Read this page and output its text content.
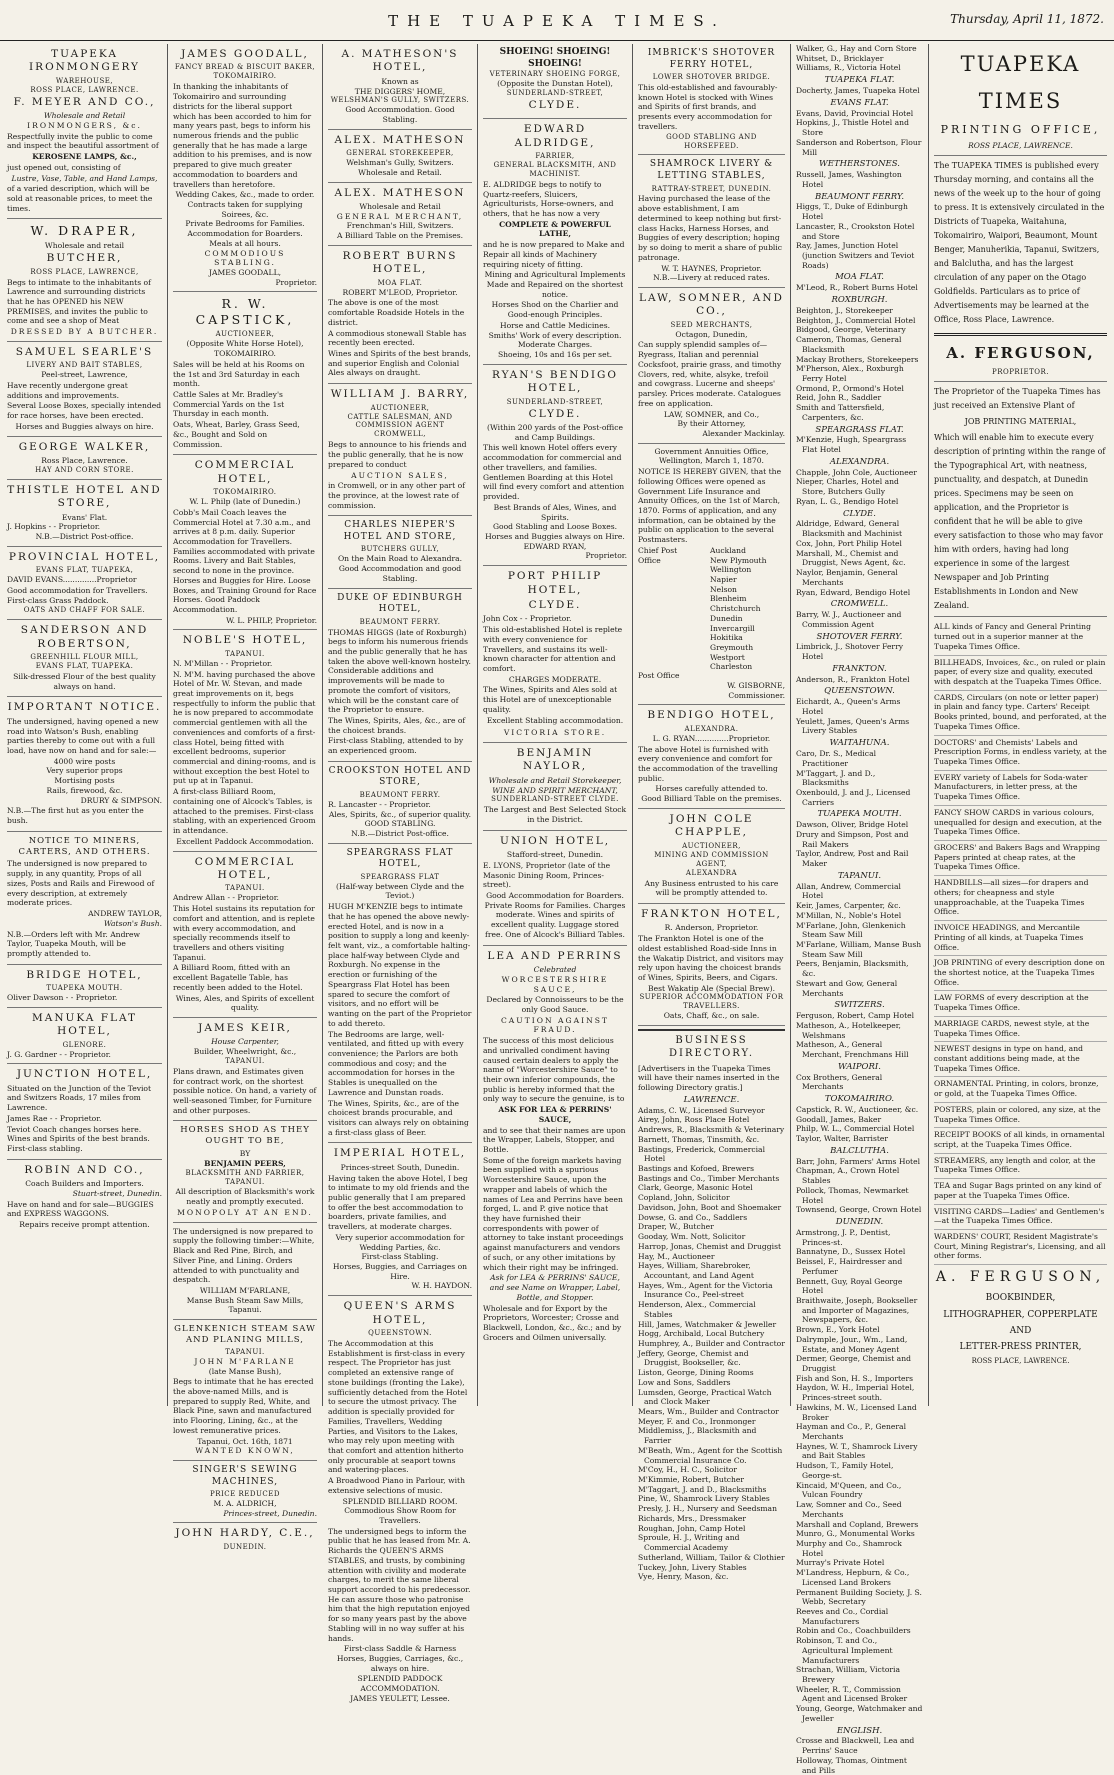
THE TUAPEKA TIMES.	Thursday, April 11, 1872.
TUAPEKA IRONMONGERY
WAREHOUSE,
ROSS PLACE, LAWRENCE.
F. MEYER AND CO.,
Wholesale and Retail
IRONMONGERS, &c.

Respectfully invite the public to come and inspect the beautiful assortment of

KEROSENE LAMPS, &c.,

just opened out, consisting of

Lustre, Vase, Table, and Hand Lamps,

of a varied description, which will be sold at reasonable prices, to meet the times.

W. DRAPER,
Wholesale and retail
BUTCHER,
ROSS PLACE, LAWRENCE,

Begs to intimate to the inhabitants of Lawrence and surrounding districts that he has OPENED his NEW PREMISES, and invites the public to come and see a shop of Meat

DRESSED BY A BUTCHER.
SAMUEL SEARLE'S
LIVERY AND BAIT STABLES,
Peel-street, Lawrence,

Have recently undergone great additions and improvements.

Several Loose Boxes, specially intended for race horses, have been erected.

Horses and Buggies always on hire.
GEORGE WALKER,
Ross Place, Lawrence.
HAY AND CORN STORE.
THISTLE HOTEL AND STORE,
Evans' Flat.
J. Hopkins - - Proprietor.
N.B.—District Post-office.
PROVINCIAL HOTEL,
EVANS FLAT, TUAPEKA,
DAVID EVANS..............Proprietor

Good accommodation for Travellers. First-class Grass Paddock.

OATS AND CHAFF FOR SALE.
SANDERSON AND ROBERTSON,
GREENHILL FLOUR MILL,
EVANS FLAT, TUAPEKA.

Silk-dressed Flour of the best quality always on hand.

IMPORTANT NOTICE.

The undersigned, having opened a new road into Watson's Bush, enabling parties thereby to come out with a full load, have now on hand and for sale:—

4000 wire posts
Very superior props
Mortising posts
Rails, firewood, &c.
DRURY & SIMPSON.

N.B.—The first hut as you enter the bush.

NOTICE TO MINERS, CARTERS, AND OTHERS.

The undersigned is now prepared to supply, in any quantity, Props of all sizes, Posts and Rails and Firewood of every description, at extremely moderate prices.

ANDREW TAYLOR,
Watson's Bush.

N.B.—Orders left with Mr. Andrew Taylor, Tuapeka Mouth, will be promptly attended to.

BRIDGE HOTEL,
TUAPEKA MOUTH.
Oliver Dawson - - Proprietor.
MANUKA FLAT HOTEL,
GLENORE.
J. G. Gardner - - Proprietor.
JUNCTION HOTEL,

Situated on the Junction of the Teviot and Switzers Roads, 17 miles from Lawrence.

James Rae - - Proprietor.

Teviot Coach changes horses here. Wines and Spirits of the best brands. First-class stabling.

ROBIN AND CO.,
Coach Builders and Importers.
Stuart-street, Dunedin.

Have on hand and for sale—BUGGIES and EXPRESS WAGGONS.

Repairs receive prompt attention.
JAMES GOODALL,
FANCY BREAD & BISCUIT BAKER,
TOKOMAIRIRO.

In thanking the inhabitants of Tokomairiro and surrounding districts for the liberal support which has been accorded to him for many years past, begs to inform his numerous friends and the public generally that he has made a large addition to his premises, and is now prepared to give much greater accommodation to boarders and travellers than heretofore.

Wedding Cakes, &c., made to order.
Contracts taken for supplying Soirees, &c.
Private Bedrooms for Families.
Accommodation for Boarders.
Meals at all hours.
COMMODIOUS STABLING.
JAMES GOODALL,
Proprietor.
R. W. CAPSTICK,
AUCTIONEER,
(Opposite White Horse Hotel), TOKOMAIRIRO.

Sales will be held at his Rooms on the 1st and 3rd Saturday in each month.

Cattle Sales at Mr. Bradley's Commercial Yards on the 1st Thursday in each month.

Oats, Wheat, Barley, Grass Seed, &c., Bought and Sold on Commission.

COMMERCIAL HOTEL,
TOKOMAIRIRO.
W. L. Philp (late of Dunedin.)

Cobb's Mail Coach leaves the Commercial Hotel at 7.30 a.m., and arrives at 8 p.m. daily. Superior Accommodation for Travellers. Families accommodated with private Rooms. Livery and Bait Stables, second to none in the province. Horses and Buggies for Hire. Loose Boxes, and Training Ground for Race Horses. Good Paddock Accommodation.

W. L. PHILP, Proprietor.
NOBLE'S HOTEL,
TAPANUI.
N. M'Millan - - Proprietor.

N. M'M. having purchased the above Hotel of Mr. W. Stevan, and made great improvements on it, begs respectfully to inform the public that he is now prepared to accommodate commercial gentlemen with all the conveniences and comforts of a first-class Hotel, being fitted with excellent bedrooms, superior commercial and dining-rooms, and is without exception the best Hotel to put up at in Tapanui.

A first-class Billiard Room, containing one of Alcock's Tables, is attached to the premises. First-class stabling, with an experienced Groom in attendance.

Excellent Paddock Accommodation.
COMMERCIAL HOTEL,
TAPANUI.
Andrew Allan - - Proprietor.

This Hotel sustains its reputation for comfort and attention, and is replete with every accommodation, and specially recommends itself to travellers and others visiting Tapanui.

A Billiard Room, fitted with an excellent Bagatelle Table, has recently been added to the Hotel.

Wines, Ales, and Spirits of excellent quality.
JAMES KEIR,
House Carpenter,
Builder, Wheelwright, &c.,
TAPANUI.

Plans drawn, and Estimates given for contract work, on the shortest possible notice. On hand, a variety of well-seasoned Timber, for Furniture and other purposes.

HORSES SHOD AS THEY OUGHT TO BE,
BY
BENJAMIN PEERS,
BLACKSMITH AND FARRIER,
TAPANUI.

All description of Blacksmith's work neatly and promptly executed.

MONOPOLY AT AN END.

The undersigned is now prepared to supply the following timber:—White, Black and Red Pine, Birch, and Silver Pine, and Lining. Orders attended to with punctuality and despatch.

WILLIAM M'FARLANE,
Manse Bush Steam Saw Mills, Tapanui.
GLENKENICH STEAM SAW AND PLANING MILLS,
TAPANUI.
JOHN M'FARLANE
(late Manse Bush),

Begs to intimate that he has erected the above-named Mills, and is prepared to supply Red, White, and Black Pine, sawn and manufactured into Flooring, Lining, &c., at the lowest remunerative prices.

Tapanui, Oct. 16th, 1871
WANTED KNOWN,
SINGER'S SEWING MACHINES,
PRICE REDUCED
M. A. ALDRICH,
Princes-street, Dunedin.
JOHN HARDY, C.E.,
DUNEDIN.
A. MATHESON'S HOTEL,
Known as
THE DIGGERS' HOME,
WELSHMAN'S GULLY, SWITZERS.
Good Accommodation. Good Stabling.
ALEX. MATHESON
GENERAL STOREKEEPER,
Welshman's Gully, Switzers.
Wholesale and Retail.
ALEX. MATHESON
Wholesale and Retail
GENERAL MERCHANT,
Frenchman's Hill, Switzers.
A Billiard Table on the Premises.
ROBERT BURNS HOTEL,
MOA FLAT.
ROBERT M'LEOD, Proprietor.

The above is one of the most comfortable Roadside Hotels in the district.

A commodious stonewall Stable has recently been erected.

Wines and Spirits of the best brands, and superior English and Colonial Ales always on draught.

WILLIAM J. BARRY,
AUCTIONEER,
CATTLE SALESMAN, AND COMMISSION AGENT
CROMWELL,

Begs to announce to his friends and the public generally, that he is now prepared to conduct

AUCTION SALES,

in Cromwell, or in any other part of the province, at the lowest rate of commission.

CHARLES NIEPER'S HOTEL AND STORE,
BUTCHERS GULLY,
On the Main Road to Alexandra.
Good Accommodation and good Stabling.
DUKE OF EDINBURGH HOTEL,
BEAUMONT FERRY.

THOMAS HIGGS (late of Roxburgh) begs to inform his numerous friends and the public generally that he has taken the above well-known hostelry. Considerable additions and improvements will be made to promote the comfort of visitors, which will be the constant care of the Proprietor to ensure.

The Wines, Spirits, Ales, &c., are of the choicest brands.

First-class Stabling, attended to by an experienced groom.

CROOKSTON HOTEL AND STORE,
BEAUMONT FERRY.
R. Lancaster - - Proprietor.
Ales, Spirits, &c., of superior quality.
GOOD STABLING.
N.B.—District Post-office.
SPEARGRASS FLAT HOTEL,
SPEARGRASS FLAT
(Half-way between Clyde and the Teviot.)

HUGH M'KENZIE begs to intimate that he has opened the above newly-erected Hotel, and is now in a position to supply a long and keenly-felt want, viz., a comfortable halting-place half-way between Clyde and Roxburgh. No expense in the erection or furnishing of the Speargrass Flat Hotel has been spared to secure the comfort of visitors, and no effort will be wanting on the part of the Proprietor to add thereto.

The Bedrooms are large, well-ventilated, and fitted up with every convenience; the Parlors are both commodious and cosy; and the accommodation for horses in the Stables is unequalled on the Lawrence and Dunstan roads.

The Wines, Spirits, &c., are of the choicest brands procurable, and visitors can always rely on obtaining a first-class glass of Beer.

IMPERIAL HOTEL,
Princes-street South, Dunedin.

Having taken the above Hotel, I beg to intimate to my old friends and the public generally that I am prepared to offer the best accommodation to boarders, private families, and travellers, at moderate charges.

Very superior accommodation for Wedding Parties, &c.
First-class Stabling.
Horses, Buggies, and Carriages on Hire.
W. H. HAYDON.
QUEEN'S ARMS HOTEL,
QUEENSTOWN.

The Accommodation at this Establishment is first-class in every respect. The Proprietor has just completed an extensive range of stone buildings (fronting the Lake), sufficiently detached from the Hotel to secure the utmost privacy. The addition is specially provided for Families, Travellers, Wedding Parties, and Visitors to the Lakes, who may rely upon meeting with that comfort and attention hitherto only procurable at seaport towns and watering-places.

A Broadwood Piano in Parlour, with extensive selections of music.

SPLENDID BILLIARD ROOM.
Commodious Show Room for Travellers.

The undersigned begs to inform the public that he has leased from Mr. A. Richards the QUEEN'S ARMS STABLES, and trusts, by combining attention with civility and moderate charges, to merit the same liberal support accorded to his predecessor. He can assure those who patronise him that the high reputation enjoyed for so many years past by the above Stabling will in no way suffer at his hands.

First-class Saddle & Harness Horses, Buggies, Carriages, &c., always on hire.

SPLENDID PADDOCK ACCOMMODATION.
JAMES YEULETT, Lessee.
SHOEING! SHOEING! SHOEING!
VETERINARY SHOEING FORGE,
(Opposite the Dunstan Hotel),
SUNDERLAND-STREET,
CLYDE.
EDWARD ALDRIDGE,
FARRIER,
GENERAL BLACKSMITH, AND MACHINIST.

E. ALDRIDGE begs to notify to Quartz-reefers, Sluicers, Agriculturists, Horse-owners, and others, that he has now a very

COMPLETE & POWERFUL LATHE,

and he is now prepared to Make and Repair all kinds of Machinery requiring nicety of fitting.

Mining and Agricultural Implements Made and Repaired on the shortest notice.

Horses Shod on the Charlier and Good-enough Principles.

Horse and Cattle Medicines.
Smiths' Work of every description.
Moderate Charges.
Shoeing, 10s and 16s per set.
RYAN'S BENDIGO HOTEL,
SUNDERLAND-STREET,
CLYDE.

(Within 200 yards of the Post-office and Camp Buildings.

This well known Hotel offers every accommodation for commercial and other travellers, and families. Gentlemen Boarding at this Hotel will find every comfort and attention provided.

Best Brands of Ales, Wines, and Spirits.
Good Stabling and Loose Boxes.
Horses and Buggies always on Hire.
EDWARD RYAN,
Proprietor.
PORT PHILIP HOTEL,
CLYDE.
John Cox - - Proprietor.

This old-established Hotel is replete with every convenience for Travellers, and sustains its well-known character for attention and comfort.

CHARGES MODERATE.

The Wines, Spirits and Ales sold at this Hotel are of unexceptionable quality.

Excellent Stabling accommodation.
VICTORIA STORE.
BENJAMIN NAYLOR,
Wholesale and Retail Storekeeper,
WINE AND SPIRIT MERCHANT,
SUNDERLAND-STREET CLYDE.

The Largest and Best Selected Stock in the District.

UNION HOTEL,
Stafford-street, Dunedin.

E. LYONS, Proprietor (late of the Masonic Dining Room, Princes-street).

Good Accommodation for Boarders. Private Rooms for Families. Charges moderate. Wines and spirits of excellent quality. Luggage stored free. One of Alcock's Billiard Tables.

LEA AND PERRINS
Celebrated
WORCESTERSHIRE SAUCE,

Declared by Connoisseurs to be the only Good Sauce.

CAUTION AGAINST FRAUD.

The success of this most delicious and unrivalled condiment having caused certain dealers to apply the name of "Worcestershire Sauce" to their own inferior compounds, the public is hereby informed that the only way to secure the genuine, is to

ASK FOR LEA & PERRINS' SAUCE,

and to see that their names are upon the Wrapper, Labels, Stopper, and Bottle.

Some of the foreign markets having been supplied with a spurious Worcestershire Sauce, upon the wrapper and labels of which the names of Lea and Perrins have been forged, L. and P. give notice that they have furnished their correspondents with power of attorney to take instant proceedings against manufacturers and vendors of such, or any other imitations by which their right may be infringed.

Ask for LEA & PERRINS' SAUCE, and see Name on Wrapper, Label, Bottle, and Stopper.

Wholesale and for Export by the Proprietors, Worcester; Crosse and Blackwell, London, &c., &c.; and by Grocers and Oilmen universally.

IMBRICK'S SHOTOVER FERRY HOTEL,
LOWER SHOTOVER BRIDGE.

This old-established and favourably-known Hotel is stocked with Wines and Spirits of first brands, and presents every accommodation for travellers.

GOOD STABLING AND HORSEFEED.
SHAMROCK LIVERY & LETTING STABLES,
RATTRAY-STREET, DUNEDIN.

Having purchased the lease of the above establishment, I am determined to keep nothing but first-class Hacks, Harness Horses, and Buggies of every description; hoping by so doing to merit a share of public patronage.

W. T. HAYNES, Proprietor.
N.B.—Livery at reduced rates.
LAW, SOMNER, AND CO.,
SEED MERCHANTS,
Octagon, Dunedin,

Can supply splendid samples of—Ryegrass, Italian and perennial Cocksfoot, prairie grass, and timothy Clovers, red, white, alsyke, trefoil and cowgrass. Lucerne and sheeps' parsley. Prices moderate. Catalogues free on application.

LAW, SOMNER, and Co.,
By their Attorney,
Alexander Mackinlay.
Government Annuities Office, Wellington, March 1, 1870.

NOTICE IS HEREBY GIVEN, that the following Offices were opened as Government Life Insurance and Annuity Offices, on the 1st of March, 1870. Forms of application, and any information, can be obtained by the public on application to the several Postmasters.

Chief Post Office
Post Office
Auckland
New Plymouth
Wellington
Napier
Nelson
Blenheim
Christchurch
Dunedin
Invercargill
Hokitika
Greymouth
Westport
Charleston
W. GISBORNE,
Commissioner.
BENDIGO HOTEL,
ALEXANDRA.
L. G. RYAN..............Proprietor.

The above Hotel is furnished with every convenience and comfort for the accommodation of the travelling public.

Horses carefully attended to.
Good Billiard Table on the premises.
JOHN COLE CHAPPLE,
AUCTIONEER,
MINING AND COMMISSION AGENT,
ALEXANDRA

Any Business entrusted to his care will be promptly attended to.

FRANKTON HOTEL,
R. Anderson, Proprietor.

The Frankton Hotel is one of the oldest established Road-side Inns in the Wakatip District, and visitors may rely upon having the choicest brands of Wines, Spirits, Beers, and Cigars.

Best Wakatip Ale (Special Brew).
SUPERIOR ACCOMMODATION FOR TRAVELLERS.
Oats, Chaff, &c., on sale.
BUSINESS DIRECTORY.

[Advertisers in the Tuapeka Times will have their names inserted in the following Directory gratis.]

LAWRENCE.
Adams, C. W., Licensed Surveyor
Airey, John, Ross Place Hotel
Andrews, R., Blacksmith & Veterinary
Barnett, Thomas, Tinsmith, &c.
Bastings, Frederick, Commercial Hotel
Bastings and Kofoed, Brewers
Bastings and Co., Timber Merchants
Clark, George, Masonic Hotel
Copland, John, Solicitor
Davidson, John, Boot and Shoemaker
Dowse, G. and Co., Saddlers
Draper, W., Butcher
Gooday, Wm. Nott, Solicitor
Harrop, Jonas, Chemist and Druggist
Hay, M., Auctioneer
Hayes, William, Sharebroker, Accountant, and Land Agent
Hayes, Wm., Agent for the Victoria Insurance Co., Peel-street
Henderson, Alex., Commercial Stables
Hill, James, Watchmaker & Jeweller
Hogg, Archibald, Local Butchery
Humphrey, A., Builder and Contractor
Jeffery, George, Chemist and Druggist, Bookseller, &c.
Liston, George, Dining Rooms
Low and Sons, Saddlers
Lumsden, George, Practical Watch and Clock Maker
Mears, Wm., Builder and Contractor
Meyer, F. and Co., Ironmonger
Middlemiss, J., Blacksmith and Farrier
M'Beath, Wm., Agent for the Scottish Commercial Insurance Co.
M'Coy, H., H. C., Solicitor
M'Kimmie, Robert, Butcher
M'Taggart, J. and D., Blacksmiths
Pine, W., Shamrock Livery Stables
Presly, J. H., Nursery and Seedsman
Richards, Mrs., Dressmaker
Roughan, John, Camp Hotel
Sproule, H. J., Writing and Commercial Academy
Sutherland, William, Tailor & Clothier
Tuckey, John, Livery Stables
Vye, Henry, Mason, &c.
Walker, G., Hay and Corn Store
Whitset, D., Bricklayer
Williams, R., Victoria Hotel
TUAPEKA FLAT.
Docherty, James, Tuapeka Hotel
EVANS FLAT.
Evans, David, Provincial Hotel
Hopkins, J., Thistle Hotel and Store
Sanderson and Robertson, Flour Mill
WETHERSTONES.
Russell, James, Washington Hotel
BEAUMONT FERRY.
Higgs, T., Duke of Edinburgh Hotel
Lancaster, R., Crookston Hotel and Store
Ray, James, Junction Hotel (junction Switzers and Teviot Roads)
MOA FLAT.
M'Leod, R., Robert Burns Hotel
ROXBURGH.
Beighton, J., Storekeeper
Beighton, J., Commercial Hotel
Bidgood, George, Veterinary
Cameron, Thomas, General Blacksmith
Mackay Brothers, Storekeepers
M'Pherson, Alex., Roxburgh Ferry Hotel
Ormond, P., Ormond's Hotel
Reid, John R., Saddler
Smith and Tattersfield, Carpenters, &c.
SPEARGRASS FLAT.
M'Kenzie, Hugh, Speargrass Flat Hotel
ALEXANDRA.
Chapple, John Cole, Auctioneer
Nieper, Charles, Hotel and Store, Butchers Gully
Ryan, L. G., Bendigo Hotel
CLYDE.
Aldridge, Edward, General Blacksmith and Machinist
Cox, John, Port Philip Hotel
Marshall, M., Chemist and Druggist, News Agent, &c.
Naylor, Benjamin, General Merchants
Ryan, Edward, Bendigo Hotel
CROMWELL.
Barry, W. J., Auctioneer and Commission Agent
SHOTOVER FERRY.
Limbrick, J., Shotover Ferry Hotel
FRANKTON.
Anderson, R., Frankton Hotel
QUEENSTOWN.
Eichardt, A., Queen's Arms Hotel
Yeulett, James, Queen's Arms Livery Stables
WAITAHUNA.
Caro, Dr. S., Medical Practitioner
M'Taggart, J. and D., Blacksmiths
Oxenbould, J. and J., Licensed Carriers
TUAPEKA MOUTH.
Dawson, Oliver, Bridge Hotel
Drury and Simpson, Post and Rail Makers
Taylor, Andrew, Post and Rail Maker
TAPANUI.
Allan, Andrew, Commercial Hotel
Keir, James, Carpenter, &c.
M'Millan, N., Noble's Hotel
M'Farlane, John, Glenkenich Steam Saw Mill
M'Farlane, William, Manse Bush Steam Saw Mill
Peers, Benjamin, Blacksmith, &c.
Stewart and Gow, General Merchants
SWITZERS.
Ferguson, Robert, Camp Hotel
Matheson, A., Hotelkeeper, Welshmans
Matheson, A., General Merchant, Frenchmans Hill
WAIPORI.
Cox Brothers, General Merchants
TOKOMAIRIRO.
Capstick, R. W., Auctioneer, &c.
Goodall, James, Baker
Philp, W. L., Commercial Hotel
Taylor, Walter, Barrister
BALCLUTHA.
Barr, John, Farmers' Arms Hotel
Chapman, A., Crown Hotel Stables
Pollock, Thomas, Newmarket Hotel
Townsend, George, Crown Hotel
DUNEDIN.
Armstrong, J. P., Dentist, Princes-st.
Bannatyne, D., Sussex Hotel
Beissel, F., Hairdresser and Perfumer
Bennett, Guy, Royal George Hotel
Braithwaite, Joseph, Bookseller and Importer of Magazines, Newspapers, &c.
Brown, E., York Hotel
Dalrymple, Jour., Wm., Land, Estate, and Money Agent
Dermer, George, Chemist and Druggist
Fish and Son, H. S., Importers
Haydon, W. H., Imperial Hotel, Princes-street south.
Hawkins, M. W., Licensed Land Broker
Hayman and Co., P., General Merchants
Haynes, W. T., Shamrock Livery and Bait Stables
Hudson, T., Family Hotel, George-st.
Kincaid, M'Queen, and Co., Vulcan Foundry
Law, Somner and Co., Seed Merchants
Marshall and Copland, Brewers
Munro, G., Monumental Works
Murphy and Co., Shamrock Hotel
Murray's Private Hotel
M'Landress, Hepburn, & Co., Licensed Land Brokers
Permanent Building Society, J. S. Webb, Secretary
Reeves and Co., Cordial Manufacturers
Robin and Co., Coachbuilders
Robinson, T. and Co., Agricultural Implement Manufacturers
Strachan, William, Victoria Brewery
Wheeler, R. T., Commission Agent and Licensed Broker
Young, George, Watchmaker and Jeweller
ENGLISH.
Crosse and Blackwell, Lea and Perrins' Sauce
Holloway, Thomas, Ointment and Pills
TUAPEKA TIMES
PRINTING OFFICE,
ROSS PLACE, LAWRENCE.

The TUAPEKA TIMES is published every Thursday morning, and contains all the news of the week up to the hour of going to press. It is extensively circulated in the Districts of Tuapeka, Waitahuna, Tokomairiro, Waipori, Beaumont, Mount Benger, Manuherikia, Tapanui, Switzers, and Balclutha, and has the largest circulation of any paper on the Otago Goldfields. Particulars as to price of Advertisements may be learned at the Office, Ross Place, Lawrence.

A. FERGUSON,
PROPRIETOR.

The Proprietor of the Tuapeka Times has just received an Extensive Plant of

JOB PRINTING MATERIAL,

Which will enable him to execute every description of printing within the range of the Typographical Art, with neatness, punctuality, and despatch, at Dunedin prices. Specimens may be seen on application, and the Proprietor is confident that he will be able to give every satisfaction to those who may favor him with orders, having had long experience in some of the largest Newspaper and Job Printing Establishments in London and New Zealand.

ALL kinds of Fancy and General Printing turned out in a superior manner at the Tuapeka Times Office.
BILLHEADS, Invoices, &c., on ruled or plain paper, of every size and quality, executed with despatch at the Tuapeka Times Office.
CARDS, Circulars (on note or letter paper) in plain and fancy type. Carters' Receipt Books printed, bound, and perforated, at the Tuapeka Times Office.
DOCTORS' and Chemists' Labels and Prescription Forms, in endless variety, at the Tuapeka Times Office.
EVERY variety of Labels for Soda-water Manufacturers, in letter press, at the Tuapeka Times Office.
FANCY SHOW CARDS in various colours, unequalled for design and execution, at the Tuapeka Times Office.
GROCERS' and Bakers Bags and Wrapping Papers printed at cheap rates, at the Tuapeka Times Office.
HANDBILLS—all sizes—for drapers and others; for cheapness and style unapproachable, at the Tuapeka Times Office.
INVOICE HEADINGS, and Mercantile Printing of all kinds, at Tuapeka Times Office.
JOB PRINTING of every description done on the shortest notice, at the Tuapeka Times Office.
LAW FORMS of every description at the Tuapeka Times Office.
MARRIAGE CARDS, newest style, at the Tuapeka Times Office.
NEWEST designs in type on hand, and constant additions being made, at the Tuapeka Times Office.
ORNAMENTAL Printing, in colors, bronze, or gold, at the Tuapeka Times Office.
POSTERS, plain or colored, any size, at the Tuapeka Times Office.
RECEIPT BOOKS of all kinds, in ornamental script, at the Tuapeka Times Office.
STREAMERS, any length and color, at the Tuapeka Times Office.
TEA and Sugar Bags printed on any kind of paper at the Tuapeka Times Office.
VISITING CARDS—Ladies' and Gentlemen's—at the Tuapeka Times Office.
WARDENS' COURT, Resident Magistrate's Court, Mining Registrar's, Licensing, and all other forms.
A. FERGUSON,
BOOKBINDER,
LITHOGRAPHER, COPPERPLATE
AND
LETTER-PRESS PRINTER,
ROSS PLACE, LAWRENCE.
